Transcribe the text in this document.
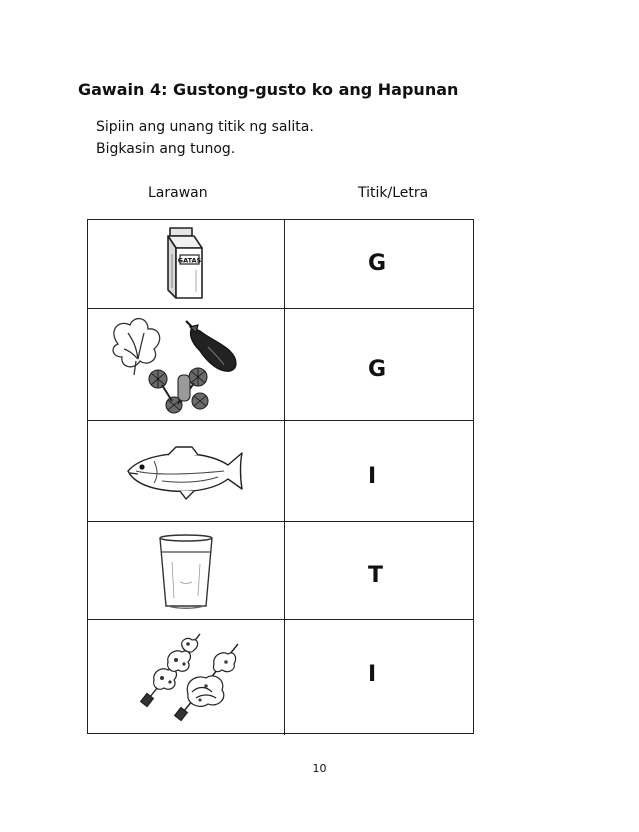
Gawain 4: Gustong-gusto ko ang Hapunan
Sipiin ang unang titik ng salita.
Bigkasin ang tunog.
Larawan	Titik/Letra
GATAS	G
G
I
T
I
10
